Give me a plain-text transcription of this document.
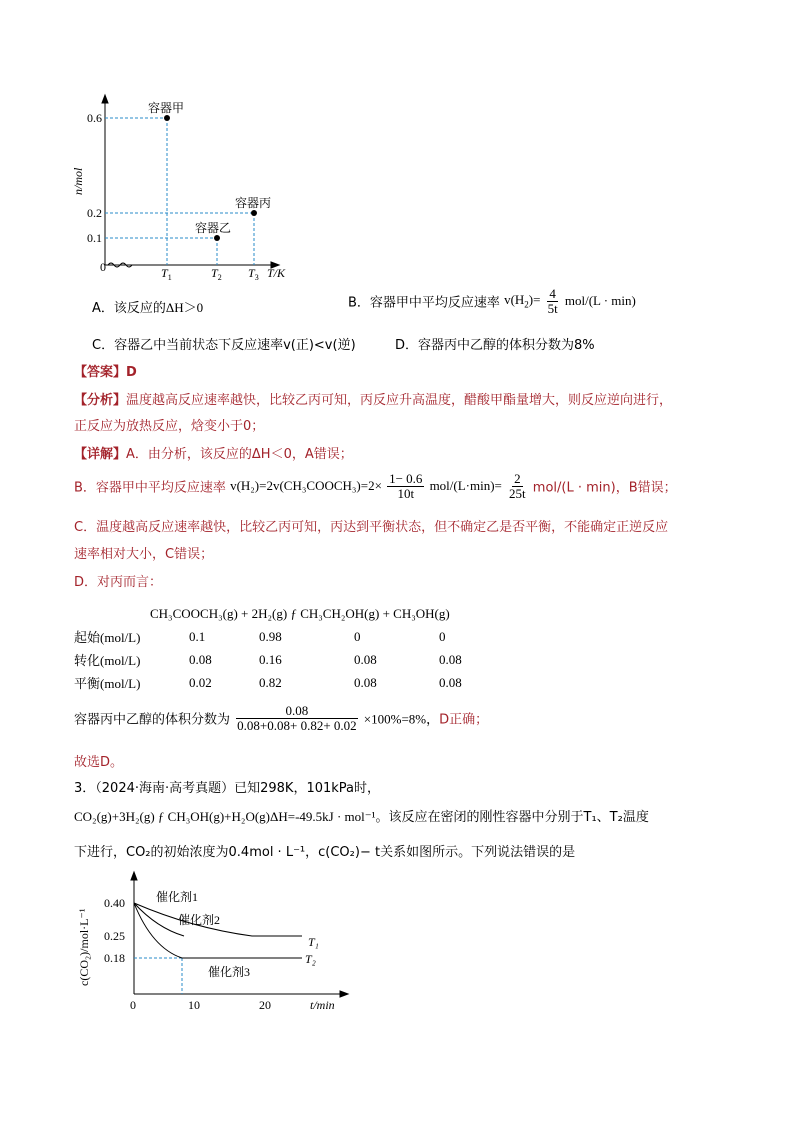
容器甲
容器乙
容器丙
0.6
0.2
0.1
0
n/mol
$T_1$	$T_2$ $T_3$ T/K
A．该反应的ΔH＞0	B．容器甲中平均反应速率 $v(H_2)= \frac{4}{5t} mol/(L \cdot \min)$
C．容器乙中当前状态下反应速率v(正)<v(逆)	D．容器丙中乙醇的体积分数为8%
【答案】D
【分析】温度越高反应速率越快，比较乙丙可知，丙反应升高温度，醋酸甲酯量增大，则反应逆向进行，
正反应为放热反应，焓变小于0；
【详解】A．由分析，该反应的ΔH＜0，A错误；
B．容器甲中平均反应速率 v(H₂)=2v(CH₃COOCH₃)=2× $\frac{1- 0.6}{10t} mol/(L\cdot\min)= \frac{2}{25t} mol/(L \cdot \min)$，B错误；
C．温度越高反应速率越快，比较乙丙可知，丙达到平衡状态，但不确定乙是否平衡，不能确定正逆反应
速率相对大小，C错误；
D．对丙而言：
CH₃COOCH₃(g) + 2H₂(g) ƒ CH₃CH₂OH(g) + CH₃OH(g)
起始(mol/L)	0.1	0.98	0	0
转化(mol/L)	0.08	0.16	0.08	0.08
平衡(mol/L)	0.02	0.82	0.08	0.08
容器丙中乙醇的体积分数为 $\frac{0.08}{0.08+0.08+ 0.82+ 0.02} \times 100\%=8\%$，D正确；
故选D。
3．（2024·海南·高考真题）已知298K，101kPa时，
CO₂(g)+3H₂(g) ƒ CH₃OH(g)+H₂O(g)ΔH=-49.5kJ · mol⁻¹。该反应在密闭的刚性容器中分别于T₁、T₂温度
下进行，CO₂的初始浓度为0.4mol · L⁻¹，c(CO₂)− t关系如图所示。下列说法错误的是
0.40
0.25
0.18
0	10	20	t/min
c(CO₂)/mol·L⁻¹
催化剂1
催化剂2
催化剂3
T₁
T₂
